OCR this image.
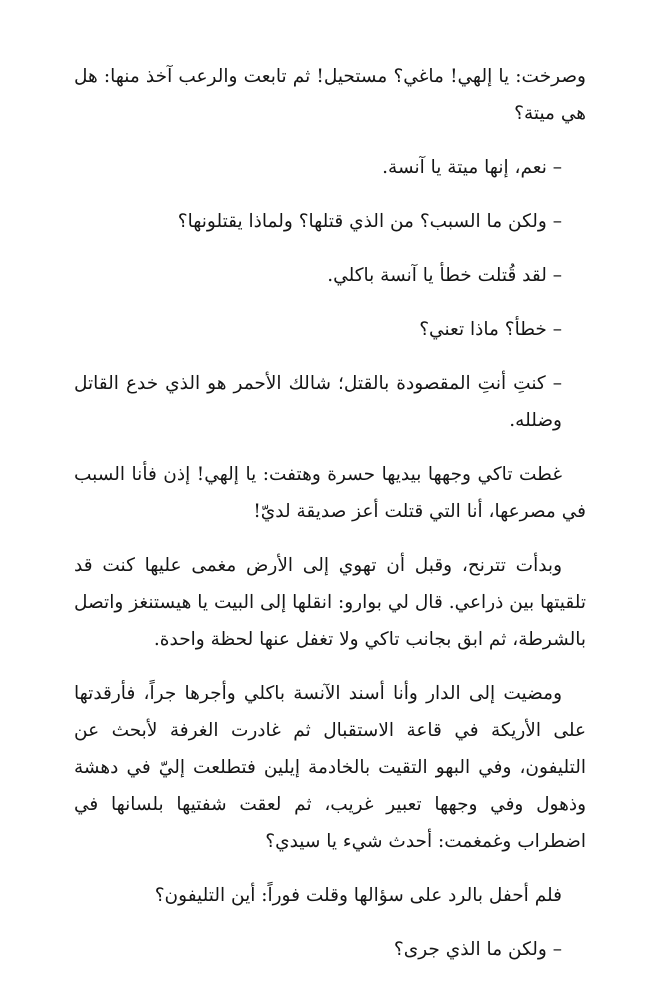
وصرخت: يا إلهي! ماغي؟ مستحيل! ثم تابعت والرعب آخذ منها: هل هي ميتة؟

– نعم، إنها ميتة يا آنسة.

– ولكن ما السبب؟ من الذي قتلها؟ ولماذا يقتلونها؟

– لقد قُتلت خطأ يا آنسة باكلي.

– خطأ؟ ماذا تعني؟

– كنتِ أنتِ المقصودة بالقتل؛ شالك الأحمر هو الذي خدع القاتل وضلله.

غطت تاكي وجهها بيديها حسرة وهتفت: يا إلهي! إذن فأنا السبب في مصرعها، أنا التي قتلت أعز صديقة لديّ!

وبدأت تترنح، وقبل أن تهوي إلى الأرض مغمى عليها كنت قد تلقيتها بين ذراعي. قال لي بوارو: انقلها إلى البيت يا هيستنغز واتصل بالشرطة، ثم ابق بجانب تاكي ولا تغفل عنها لحظة واحدة.

ومضيت إلى الدار وأنا أسند الآنسة باكلي وأجرها جراً، فأرقدتها على الأريكة في قاعة الاستقبال ثم غادرت الغرفة لأبحث عن التليفون، وفي البهو التقيت بالخادمة إيلين فتطلعت إليّ في دهشة وذهول وفي وجهها تعبير غريب، ثم لعقت شفتيها بلسانها في اضطراب وغمغمت: أحدث شيء يا سيدي؟

فلم أحفل بالرد على سؤالها وقلت فوراً: أين التليفون؟

– ولكن ما الذي جرى؟
